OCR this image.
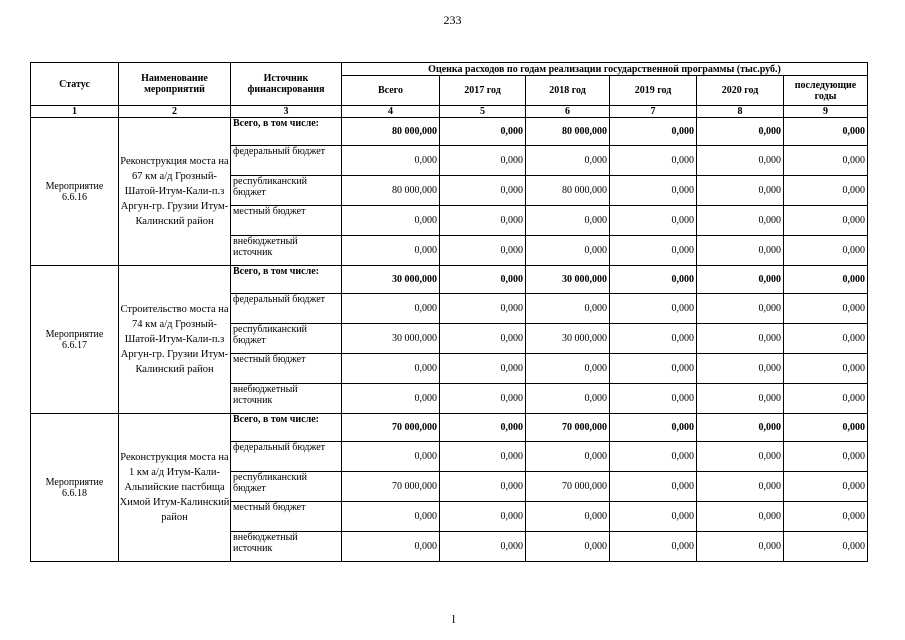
233
Статус	Наименование мероприятий	Источник финансирования	Оценка расходов по годам реализации государственной программы (тыс.руб.)					
			Всего	2017 год	2018 год	2019 год	2020 год	последующие годы
1	2	3	4	5	6	7	8	9
Мероприятие 6.6.16	Реконструкция моста на 67 км а/д Грозный-Шатой-Итум-Кали-п.з Аргун-гр. Грузии Итум-Калинский район	Всего, в том числе:	80 000,000	0,000	80 000,000	0,000	0,000	0,000
		федеральный бюджет	0,000	0,000	0,000	0,000	0,000	0,000
		республиканский бюджет	80 000,000	0,000	80 000,000	0,000	0,000	0,000
		местный бюджет	0,000	0,000	0,000	0,000	0,000	0,000
		внебюджетный источник	0,000	0,000	0,000	0,000	0,000	0,000
Мероприятие 6.6.17	Строительство моста на 74 км а/д Грозный-Шатой-Итум-Кали-п.з Аргун-гр. Грузии Итум-Калинский район	Всего, в том числе:	30 000,000	0,000	30 000,000	0,000	0,000	0,000
		федеральный бюджет	0,000	0,000	0,000	0,000	0,000	0,000
		республиканский бюджет	30 000,000	0,000	30 000,000	0,000	0,000	0,000
		местный бюджет	0,000	0,000	0,000	0,000	0,000	0,000
		внебюджетный источник	0,000	0,000	0,000	0,000	0,000	0,000
Мероприятие 6.6.18	Реконструкция моста на 1 км а/д Итум-Кали-Альпийские пастбища Химой Итум-Калинский район	Всего, в том числе:	70 000,000	0,000	70 000,000	0,000	0,000	0,000
		федеральный бюджет	0,000	0,000	0,000	0,000	0,000	0,000
		республиканский бюджет	70 000,000	0,000	70 000,000	0,000	0,000	0,000
		местный бюджет	0,000	0,000	0,000	0,000	0,000	0,000
		внебюджетный источник	0,000	0,000	0,000	0,000	0,000	0,000
l
